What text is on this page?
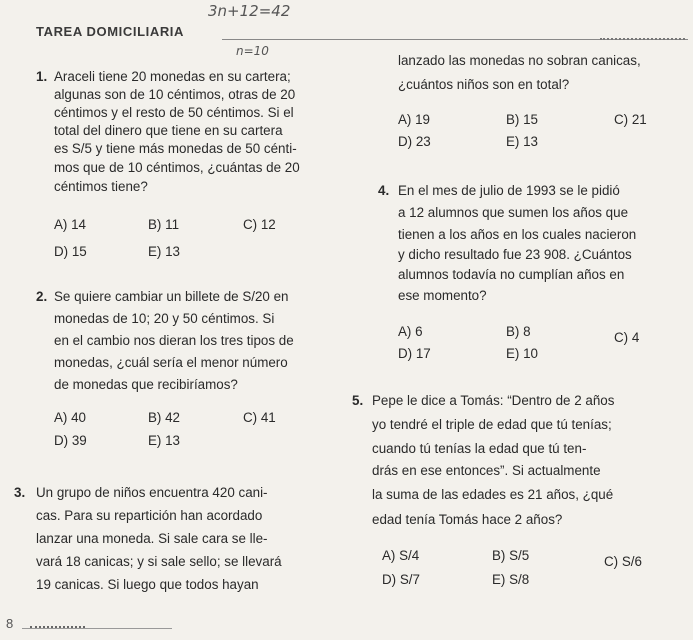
3n+12=42
n=10
TAREA DOMICILIARIA
1. Araceli tiene 20 monedas en su cartera;
algunas son de 10 céntimos, otras de 20
céntimos y el resto de 50 céntimos. Si el
total del dinero que tiene en su cartera
es S/5 y tiene más monedas de 50 cénti-
mos que de 10 céntimos, ¿cuántas de 20
céntimos tiene?
A) 14	B) 11	C) 12
D) 15	E) 13
2. Se quiere cambiar un billete de S/20 en
monedas de 10; 20 y 50 céntimos. Si
en el cambio nos dieran los tres tipos de
monedas, ¿cuál sería el menor número
de monedas que recibiríamos?
A) 40	B) 42	C) 41
D) 39	E) 13
3. Un grupo de niños encuentra 420 cani-
cas. Para su repartición han acordado
lanzar una moneda. Si sale cara se lle-
vará 18 canicas; y si sale sello; se llevará
19 canicas. Si luego que todos hayan
lanzado las monedas no sobran canicas,
¿cuántos niños son en total?
A) 19	B) 15	C) 21
D) 23	E) 13
4. En el mes de julio de 1993 se le pidió
a 12 alumnos que sumen los años que
tienen a los años en los cuales nacieron
y dicho resultado fue 23 908. ¿Cuántos
alumnos todavía no cumplían años en
ese momento?
A) 6	B) 8	C) 4
D) 17	E) 10
5. Pepe le dice a Tomás: “Dentro de 2 años
yo tendré el triple de edad que tú tenías;
cuando tú tenías la edad que tú ten-
drás en ese entonces”. Si actualmente
la suma de las edades es 21 años, ¿qué
edad tenía Tomás hace 2 años?
A) S/4	B) S/5	C) S/6
D) S/7	E) S/8
8
